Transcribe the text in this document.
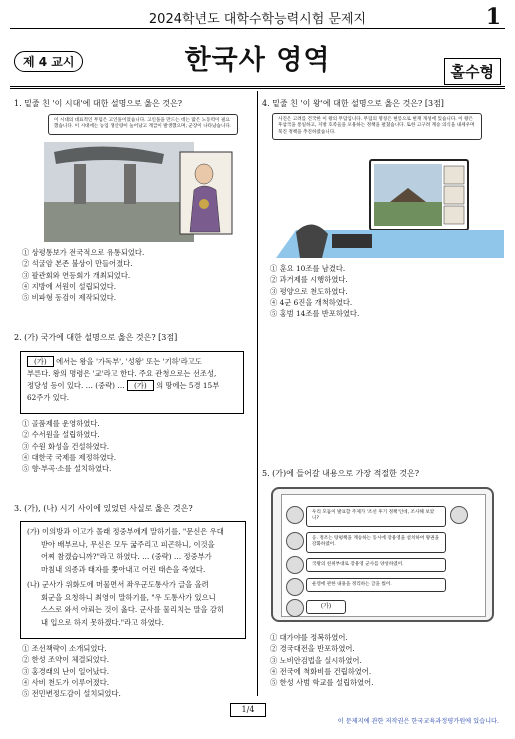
2024학년도 대학수학능력시험 문제지	1
제 4 교시	한국사 영역	홀수형
1. 밑줄 친 '이 시대'에 대한 설명으로 옳은 것은?
이 시대의 대표적인 무덤은 고인돌이었습니다. 고인돌을 만드는 데는 많은 노동력이 필요했습니다. 이 시대에는 농업 생산량이 늘어났고 계급이 발생했으며, 군장이 나타났습니다.
① 상평통보가 전국적으로 유통되었다.
② 석굴암 본존 불상이 만들어졌다.
③ 팔관회와 연등회가 개최되었다.
④ 지방에 서원이 설립되었다.
⑤ 비파형 동검이 제작되었다.
2. (가) 국가에 대한 설명으로 옳은 것은? [3점]
(가) 에서는 왕을 '가독부', '성왕' 또는 '기하'라고도
부른다. 왕의 명령은 '교'라고 한다. 주요 관청으로는 선조성,
정당성 등이 있다. … (중략) … (가) 의 땅에는 5경 15부
62주가 있다.
① 골품제를 운영하였다.
② 수서원을 설립하였다.
③ 수원 화성을 건설하였다.
④ 대한국 국제를 제정하였다.
⑤ 향·부곡·소를 설치하였다.
3. (가), (나) 시기 사이에 있었던 사실로 옳은 것은?
(가) 이의방과 이고가 몰래 정중부에게 말하기를, "문신은 우대
받아 배부르나, 무신은 모두 굶주리고 피곤하니, 이것을
어찌 참겠습니까?"라고 하였다. … (중략) … 정중부가
마침내 의종과 태자를 쫓아내고 어린 태손을 죽였다.
(나) 군사가 위화도에 머물면서 좌우군도통사가 글을 올려
회군을 요청하니 최영이 말하기를, "우 도통사가 있으니
스스로 와서 아뢰는 것이 옳다. 군사를 물리치는 말을 감히
내 입으로 하지 못하겠다."라고 하였다.
① 조선책략이 소개되었다.
② 한성 조약이 체결되었다.
③ 홍경래의 난이 일어났다.
④ 사비 천도가 이루어졌다.
⑤ 전민변정도감이 설치되었다.
4. 밑줄 친 '이 왕'에 대한 설명으로 옳은 것은? [3점]
사진은 고려를 건국한 이 왕의 무덤입니다. 무덤의 명칭은 현릉으로 현재 개성에 있습니다. 이 왕은 후삼국을 통일하고, 지방 호족들을 포용하는 정책을 펼쳤습니다. 또한 고구려 계승 의식을 내세우며 북진 정책을 추진하였습니다.
① 훈요 10조를 남겼다.
② 과거제를 시행하였다.
③ 평양으로 천도하였다.
④ 4군 6진을 개척하였다.
⑤ 홍범 14조를 반포하였다.
5. (가)에 들어갈 내용으로 가장 적절한 것은?
우리 모둠이 발표할 주제가 '조선 후기 정책'인데, 조사해 보았니?
응. 정조는 탕평책을 계승하는 동시에 장용영을 설치하여 왕권을 강화하였어.
국왕의 친위부대로 장용영 군사를 양성하였어.
운영에 관한 내용을 정리하는 글을 썼어.
(가)
① 대가야를 정복하였어.
② 경국대전을 반포하였어.
③ 노비안검법을 실시하였어.
④ 전국에 척화비를 건립하였어.
⑤ 한성 사범 학교를 설립하였어.
1/4
이 문제지에 관한 저작권은 한국교육과정평가원에 있습니다.
